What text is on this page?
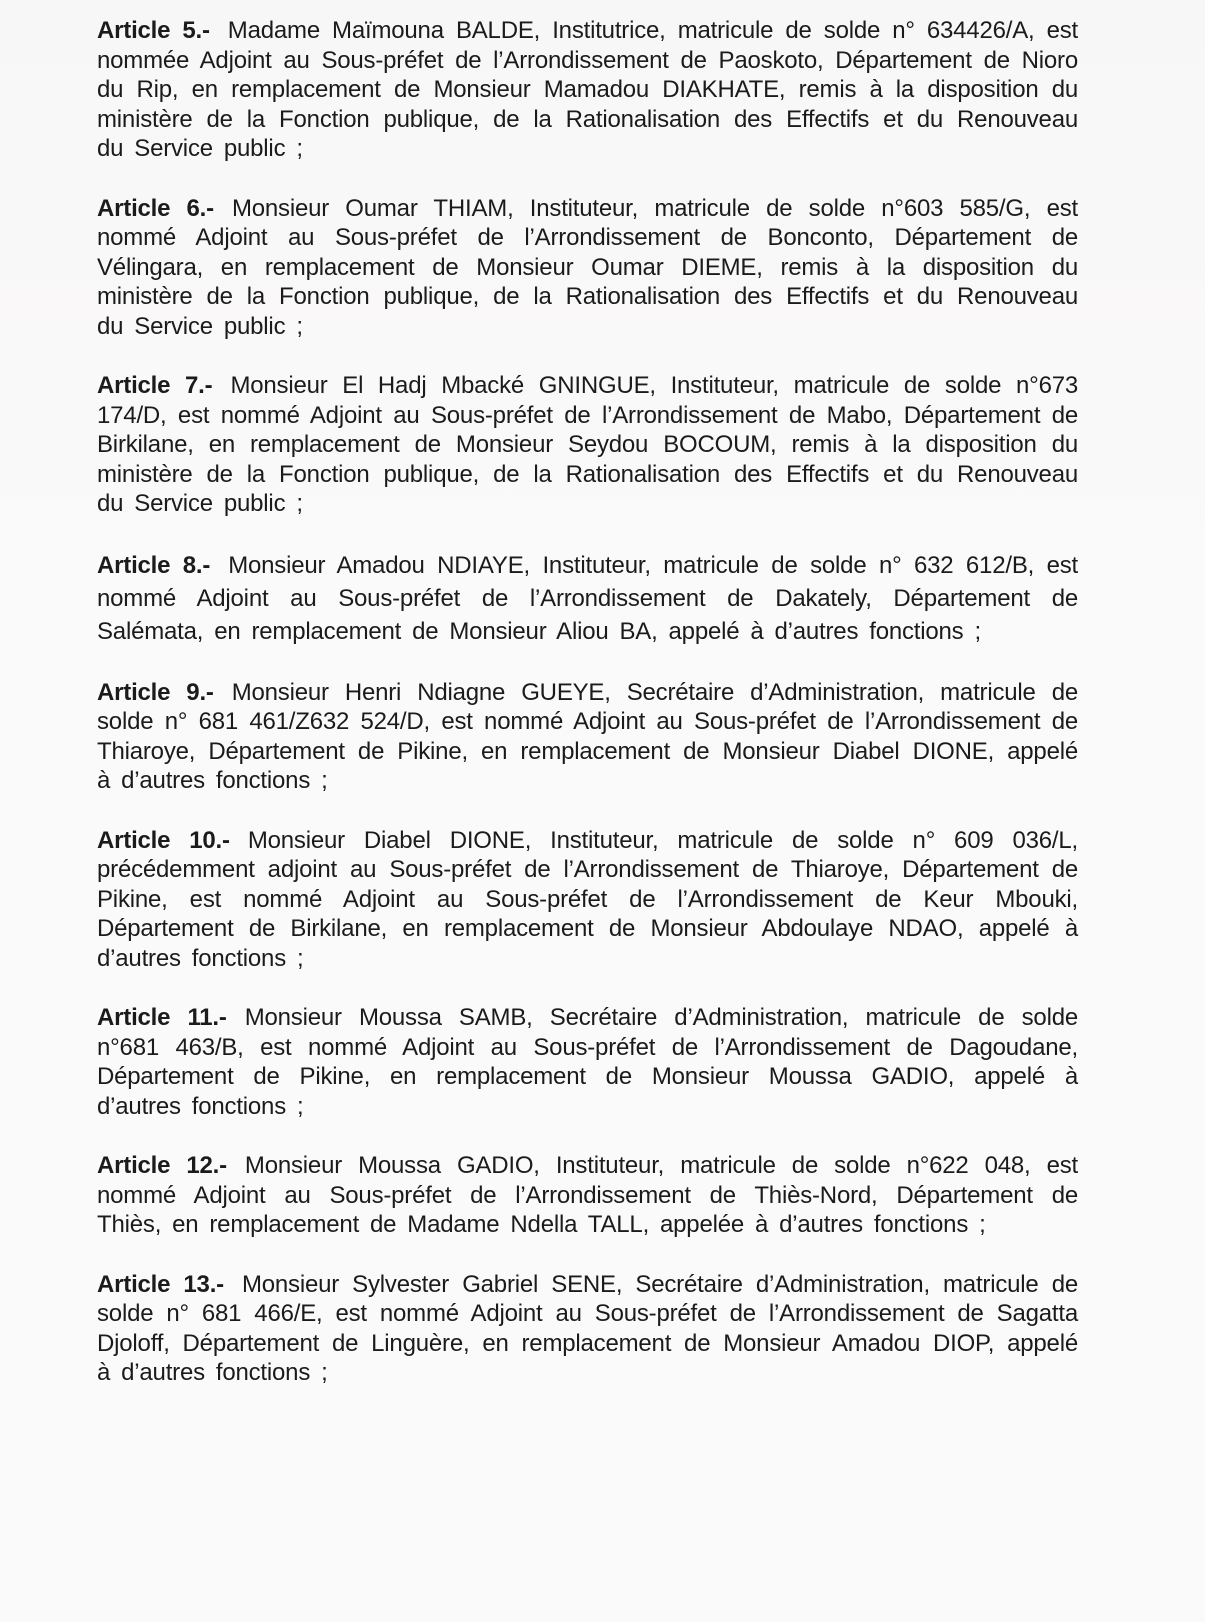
Article 5.- Madame Maïmouna BALDE, Institutrice, matricule de solde n° 634426/A, est nommée Adjoint au Sous-préfet de l’Arrondissement de Paoskoto, Département de Nioro du Rip, en remplacement de Monsieur Mamadou DIAKHATE, remis à la disposition du ministère de la Fonction publique, de la Rationalisation des Effectifs et du Renouveau du Service public ;

Article 6.- Monsieur Oumar THIAM, Instituteur, matricule de solde n°603 585/G, est nommé Adjoint au Sous-préfet de l’Arrondissement de Bonconto, Département de Vélingara, en remplacement de Monsieur Oumar DIEME, remis à la disposition du ministère de la Fonction publique, de la Rationalisation des Effectifs et du Renouveau du Service public ;

Article 7.- Monsieur El Hadj Mbacké GNINGUE, Instituteur, matricule de solde n°673 174/D, est nommé Adjoint au Sous-préfet de l’Arrondissement de Mabo, Département de Birkilane, en remplacement de Monsieur Seydou BOCOUM, remis à la disposition du ministère de la Fonction publique, de la Rationalisation des Effectifs et du Renouveau du Service public ;

Article 8.- Monsieur Amadou NDIAYE, Instituteur, matricule de solde n° 632 612/B, est nommé Adjoint au Sous-préfet de l’Arrondissement de Dakately, Département de Salémata, en remplacement de Monsieur Aliou BA, appelé à d’autres fonctions ;

Article 9.- Monsieur Henri Ndiagne GUEYE, Secrétaire d’Administration, matricule de solde n° 681 461/Z632 524/D, est nommé Adjoint au Sous-préfet de l’Arrondissement de Thiaroye, Département de Pikine, en remplacement de Monsieur Diabel DIONE, appelé à d’autres fonctions ;

Article 10.- Monsieur Diabel DIONE, Instituteur, matricule de solde n° 609 036/L, précédemment adjoint au Sous-préfet de l’Arrondissement de Thiaroye, Département de Pikine, est nommé Adjoint au Sous-préfet de l’Arrondissement de Keur Mbouki, Département de Birkilane, en remplacement de Monsieur Abdoulaye NDAO, appelé à d’autres fonctions ;

Article 11.- Monsieur Moussa SAMB, Secrétaire d’Administration, matricule de solde n°681 463/B, est nommé Adjoint au Sous-préfet de l’Arrondissement de Dagoudane, Département de Pikine, en remplacement de Monsieur Moussa GADIO, appelé à d’autres fonctions ;

Article 12.- Monsieur Moussa GADIO, Instituteur, matricule de solde n°622 048, est nommé Adjoint au Sous-préfet de l’Arrondissement de Thiès-Nord, Département de Thiès, en remplacement de Madame Ndella TALL, appelée à d’autres fonctions ;

Article 13.- Monsieur Sylvester Gabriel SENE, Secrétaire d’Administration, matricule de solde n° 681 466/E, est nommé Adjoint au Sous-préfet de l’Arrondissement de Sagatta Djoloff, Département de Linguère, en remplacement de Monsieur Amadou DIOP, appelé à d’autres fonctions ;
